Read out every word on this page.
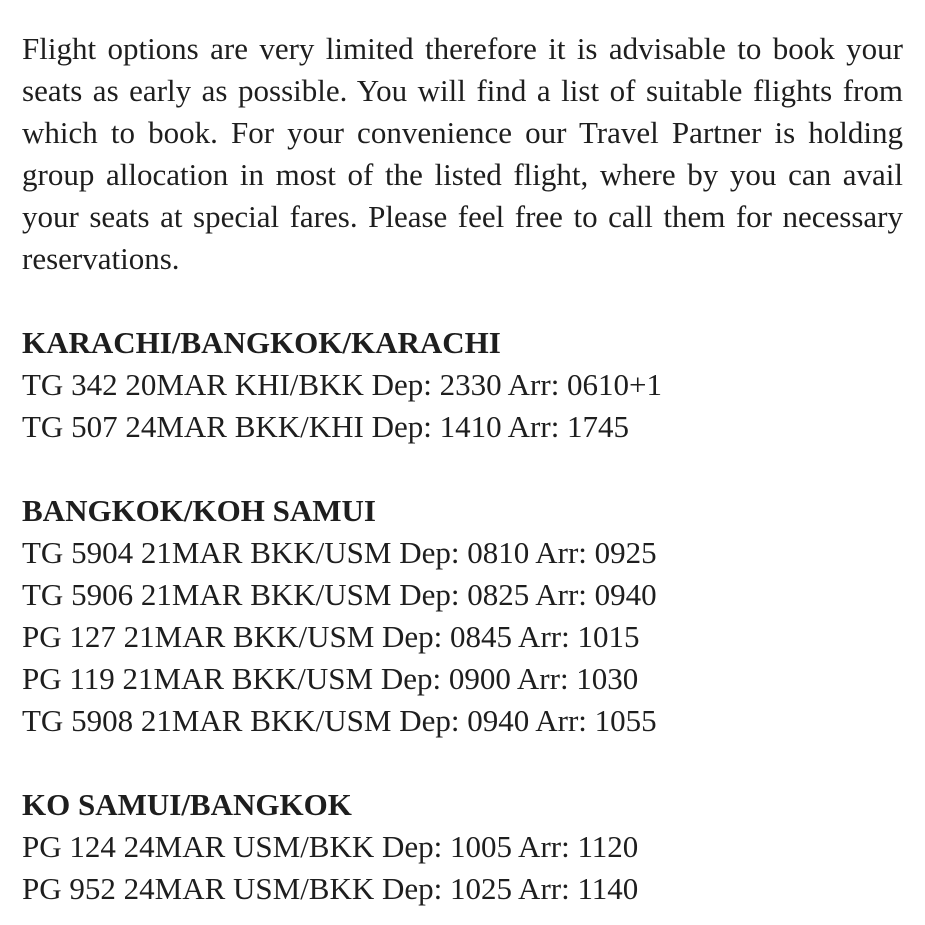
Flight options are very limited therefore it is advisable to book your seats as early as possible. You will find a list of suitable flights from which to book. For your convenience our Travel Partner is holding group allocation in most of the listed flight, where by you can avail your seats at special fares. Please feel free to call them for necessary reservations.

KARACHI/BANGKOK/KARACHI

TG 342 20MAR KHI/BKK Dep: 2330 Arr: 0610+1

TG 507 24MAR BKK/KHI Dep: 1410 Arr: 1745

BANGKOK/KOH SAMUI

TG 5904 21MAR BKK/USM Dep: 0810 Arr: 0925

TG 5906 21MAR BKK/USM Dep: 0825 Arr: 0940

PG 127 21MAR BKK/USM Dep: 0845 Arr: 1015

PG 119 21MAR BKK/USM Dep: 0900 Arr: 1030

TG 5908 21MAR BKK/USM Dep: 0940 Arr: 1055

KO SAMUI/BANGKOK

PG 124 24MAR USM/BKK Dep: 1005 Arr: 1120

PG 952 24MAR USM/BKK Dep: 1025 Arr: 1140
